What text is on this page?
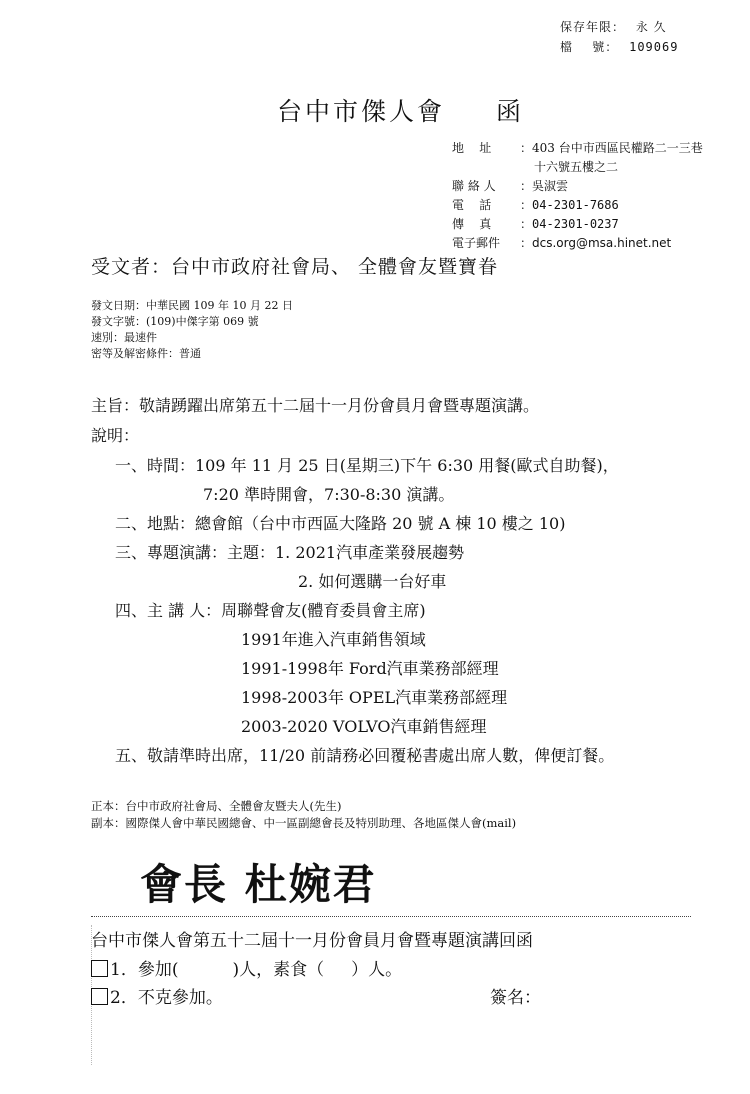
保存年限： 永 久
檔    號： 109069
台中市傑人會 函
地    址	： 403 台中市西區民權路二一三巷
十六號五樓之二
聯 絡 人	： 吳淑雲
電    話	： 04-2301-7686
傳    真	： 04-2301-0237
電子郵件	： dcs.org@msa.hinet.net
受文者：台中市政府社會局、 全體會友暨寶眷
發文日期：中華民國 109 年 10 月 22 日
發文字號：(109)中傑字第 069 號
速別：最速件
密等及解密條件：普通
主旨：敬請踴躍出席第五十二屆十一月份會員月會暨專題演講。
說明：
一、時間：109 年 11 月 25 日(星期三)下午 6:30 用餐(歐式自助餐)，
7:20 準時開會，7:30-8:30 演講。
二、地點：總會館（台中市西區大隆路 20 號 A 棟 10 樓之 10)
三、專題演講：主題：1. 2021汽車產業發展趨勢
2. 如何選購一台好車
四、主 講 人：周聯聲會友(體育委員會主席)
1991年進入汽車銷售領域
1991-1998年 Ford汽車業務部經理
1998-2003年 OPEL汽車業務部經理
2003-2020 VOLVO汽車銷售經理
五、敬請準時出席，11/20 前請務必回覆秘書處出席人數，俾便訂餐。
正本：台中市政府社會局、全體會友暨夫人(先生)
副本：國際傑人會中華民國總會、中一區副總會長及特別助理、各地區傑人會(mail)
會長 杜婉君
台中市傑人會第五十二屆十一月份會員月會暨專題演講回函
1．參加(          )人，素食（     ）人。
2．不克參加。	簽名：
